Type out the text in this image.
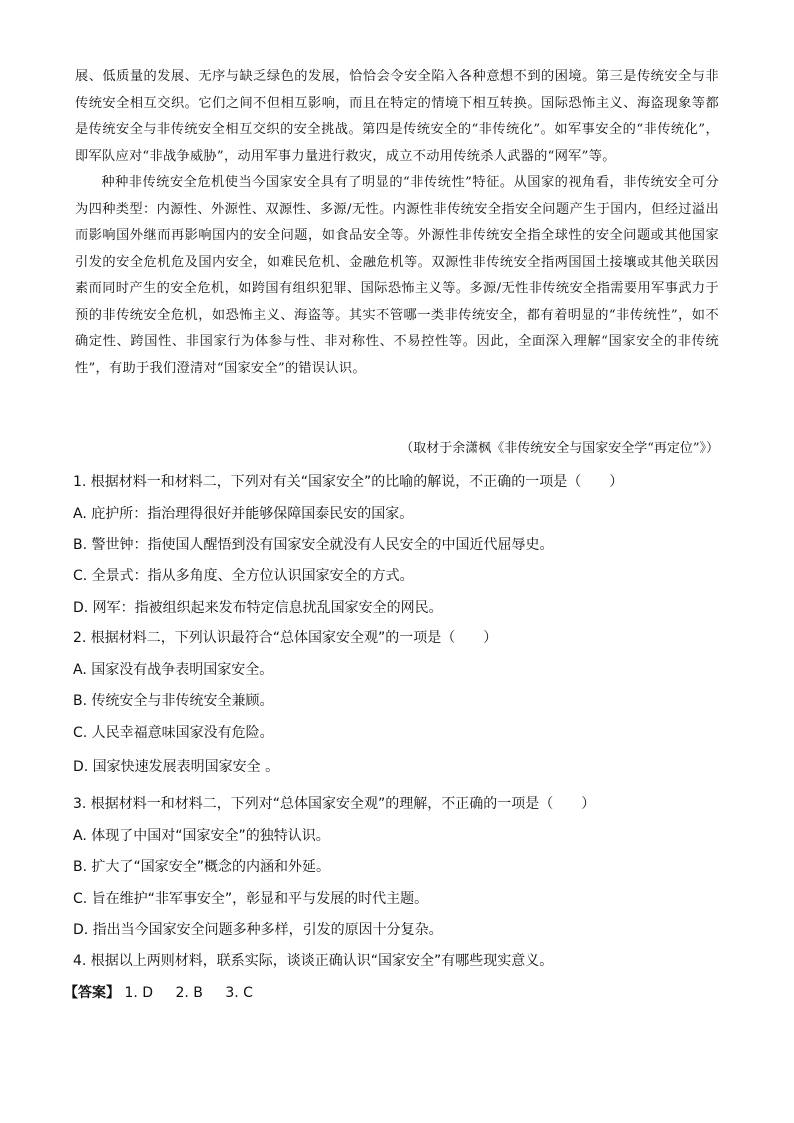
展、低质量的发展、无序与缺乏绿色的发展，恰恰会令安全陷入各种意想不到的困境。第三是传统安全与非传统安全相互交织。它们之间不但相互影响，而且在特定的情境下相互转换。国际恐怖主义、海盗现象等都是传统安全与非传统安全相互交织的安全挑战。第四是传统安全的“非传统化”。如军事安全的“非传统化”，即军队应对“非战争威胁”，动用军事力量进行救灾，成立不动用传统杀人武器的“网军”等。

种种非传统安全危机使当今国家安全具有了明显的“非传统性”特征。从国家的视角看，非传统安全可分为四种类型：内源性、外源性、双源性、多源/无性。内源性非传统安全指安全问题产生于国内，但经过溢出而影响国外继而再影响国内的安全问题，如食品安全等。外源性非传统安全指全球性的安全问题或其他国家引发的安全危机危及国内安全，如难民危机、金融危机等。双源性非传统安全指两国国土接壤或其他关联因素而同时产生的安全危机，如跨国有组织犯罪、国际恐怖主义等。多源/无性非传统安全指需要用军事武力于预的非传统安全危机，如恐怖主义、海盗等。其实不管哪一类非传统安全，都有着明显的“非传统性”，如不确定性、跨国性、非国家行为体参与性、非对称性、不易控性等。因此，全面深入理解“国家安全的非传统性”，有助于我们澄清对“国家安全”的错误认识。

（取材于余潇枫《非传统安全与国家安全学“再定位”》）
1. 根据材料一和材料二，下列对有关“国家安全”的比喻的解说，不正确的一项是（　　）
A. 庇护所：指治理得很好并能够保障国泰民安的国家。
B. 警世钟：指使国人醒悟到没有国家安全就没有人民安全的中国近代屈辱史。
C. 全景式：指从多角度、全方位认识国家安全的方式。
D. 网军：指被组织起来发布特定信息扰乱国家安全的网民。
2. 根据材料二，下列认识最符合“总体国家安全观”的一项是（　　）
A. 国家没有战争表明国家安全。
B. 传统安全与非传统安全兼顾。
C. 人民幸福意味国家没有危险。
D. 国家快速发展表明国家安全 。
3. 根据材料一和材料二，下列对“总体国家安全观”的理解，不正确的一项是（　　）
A. 体现了中国对“国家安全”的独特认识。
B. 扩大了“国家安全”概念的内涵和外延。
C. 旨在维护“非军事安全”，彰显和平与发展的时代主题。
D. 指出当今国家安全问题多种多样，引发的原因十分复杂。
4. 根据以上两则材料，联系实际，谈谈正确认识“国家安全”有哪些现实意义。
【答案】 1. D 2. B 3. C
